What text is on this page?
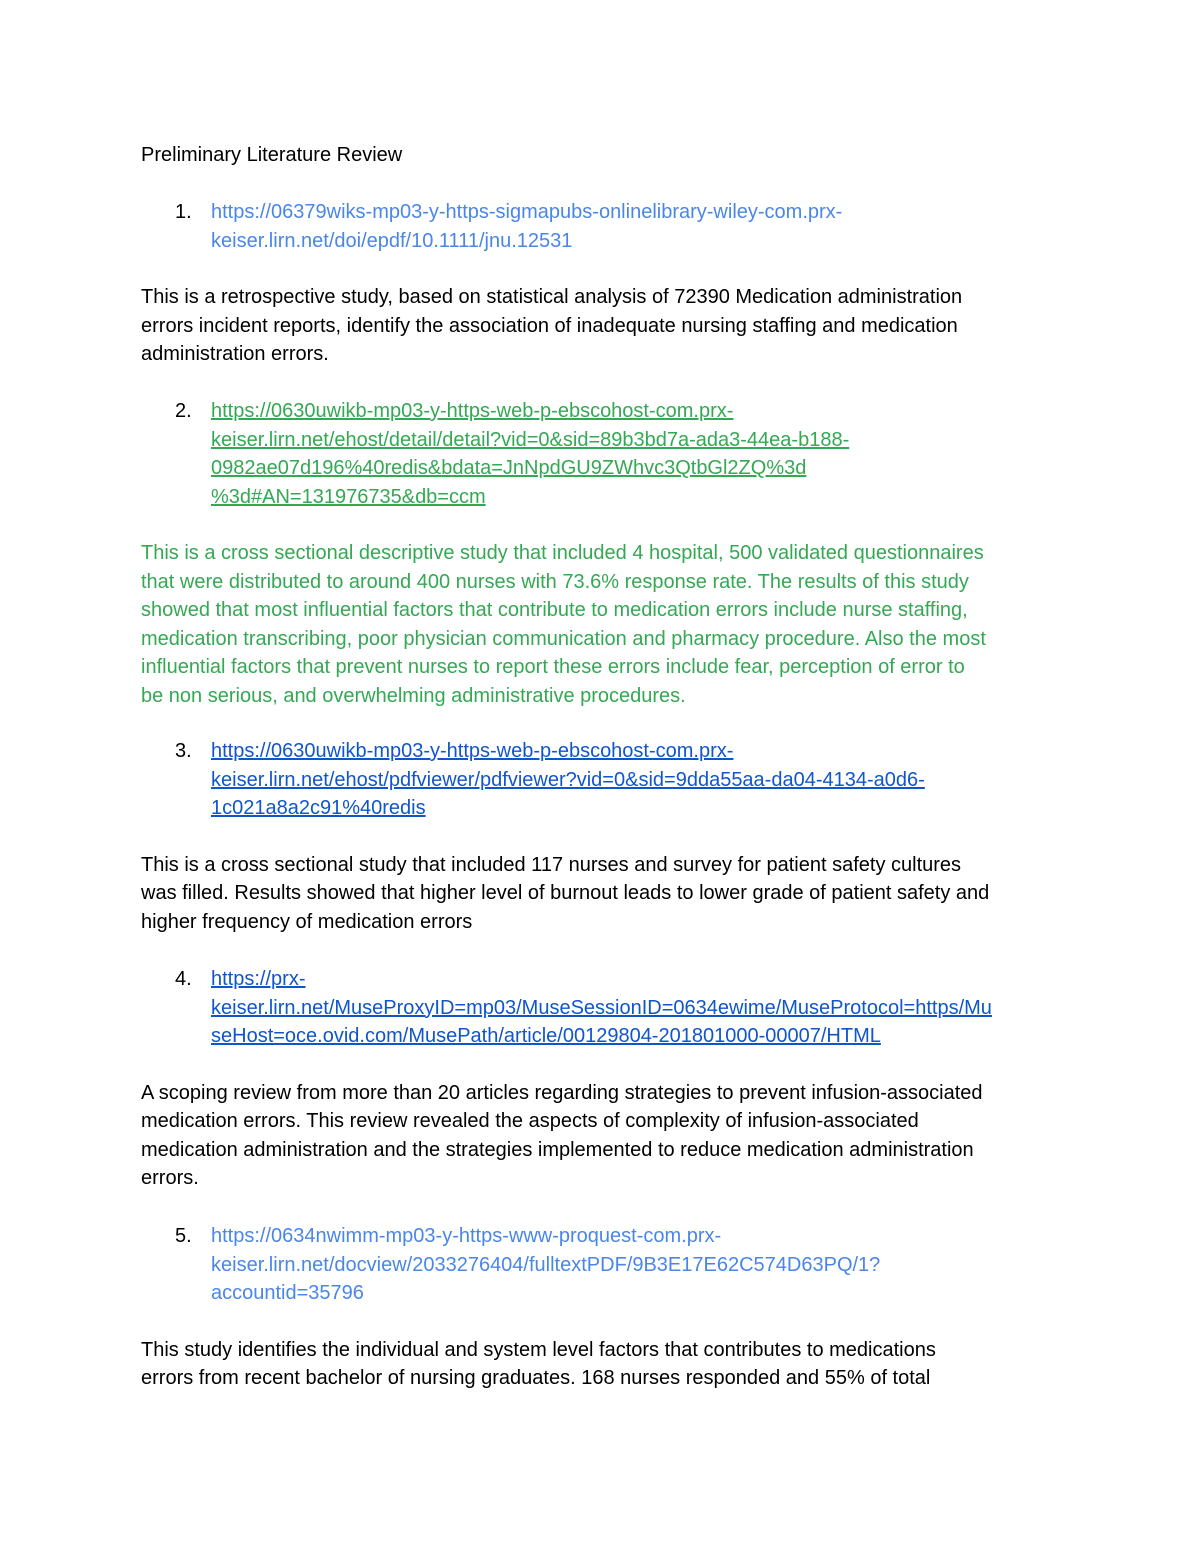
Preliminary Literature Review
1. https://06379wiks-mp03-y-https-sigmapubs-onlinelibrary-wiley-com.prx-
keiser.lirn.net/doi/epdf/10.1111/jnu.12531
This is a retrospective study, based on statistical analysis of 72390 Medication administration
errors incident reports, identify the association of inadequate nursing staffing and medication
administration errors.
2. https://0630uwikb-mp03-y-https-web-p-ebscohost-com.prx-
keiser.lirn.net/ehost/detail/detail?vid=0&sid=89b3bd7a-ada3-44ea-b188-
0982ae07d196%40redis&bdata=JnNpdGU9ZWhvc3QtbGl2ZQ%3d
%3d#AN=131976735&db=ccm
This is a cross sectional descriptive study that included 4 hospital, 500 validated questionnaires
that were distributed to around 400 nurses with 73.6% response rate. The results of this study
showed that most influential factors that contribute to medication errors include nurse staffing,
medication transcribing, poor physician communication and pharmacy procedure. Also the most
influential factors that prevent nurses to report these errors include fear, perception of error to
be non serious, and overwhelming administrative procedures.
3. https://0630uwikb-mp03-y-https-web-p-ebscohost-com.prx-
keiser.lirn.net/ehost/pdfviewer/pdfviewer?vid=0&sid=9dda55aa-da04-4134-a0d6-
1c021a8a2c91%40redis
This is a cross sectional study that included 117 nurses and survey for patient safety cultures
was filled. Results showed that higher level of burnout leads to lower grade of patient safety and
higher frequency of medication errors
4. https://prx-
keiser.lirn.net/MuseProxyID=mp03/MuseSessionID=0634ewime/MuseProtocol=https/Mu
seHost=oce.ovid.com/MusePath/article/00129804-201801000-00007/HTML
A scoping review from more than 20 articles regarding strategies to prevent infusion-associated
medication errors. This review revealed the aspects of complexity of infusion-associated
medication administration and the strategies implemented to reduce medication administration
errors.
5. https://0634nwimm-mp03-y-https-www-proquest-com.prx-
keiser.lirn.net/docview/2033276404/fulltextPDF/9B3E17E62C574D63PQ/1?
accountid=35796
This study identifies the individual and system level factors that contributes to medications
errors from recent bachelor of nursing graduates. 168 nurses responded and 55% of total
